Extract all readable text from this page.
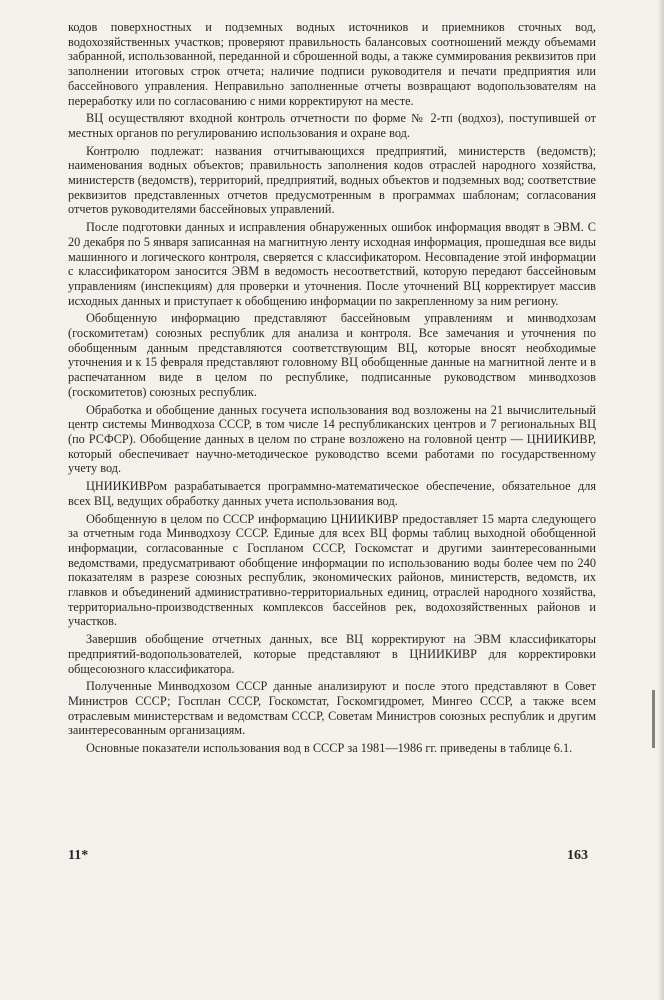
кодов поверхностных и подземных водных источников и приемников сточных вод, водохозяйственных участков; проверяют правильность балансовых соотношений между объемами забранной, использованной, переданной и сброшенной воды, а также суммирования реквизитов при заполнении итоговых строк отчета; наличие подписи руководителя и печати предприятия или бассейнового управления. Неправильно заполненные отчеты возвращают водопользователям на переработку или по согласованию с ними корректируют на месте.

ВЦ осуществляют входной контроль отчетности по форме № 2-тп (водхоз), поступившей от местных органов по регулированию использования и охране вод.

Контролю подлежат: названия отчитывающихся предприятий, министерств (ведомств); наименования водных объектов; правильность заполнения кодов отраслей народного хозяйства, министерств (ведомств), территорий, предприятий, водных объектов и подземных вод; соответствие реквизитов представленных отчетов предусмотренным в программах шаблонам; согласования отчетов руководителями бассейновых управлений.

После подготовки данных и исправления обнаруженных ошибок информация вводят в ЭВМ. С 20 декабря по 5 января записанная на магнитную ленту исходная информация, прошедшая все виды машинного и логического контроля, сверяется с классификатором. Несовпадение этой информации с классификатором заносится ЭВМ в ведомость несоответствий, которую передают бассейновым управлениям (инспекциям) для проверки и уточнения. После уточнений ВЦ корректирует массив исходных данных и приступает к обобщению информации по закрепленному за ним региону.

Обобщенную информацию представляют бассейновым управлениям и минводхозам (госкомитетам) союзных республик для анализа и контроля. Все замечания и уточнения по обобщенным данным представляются соответствующим ВЦ, которые вносят необходимые уточнения и к 15 февраля представляют головному ВЦ обобщенные данные на магнитной ленте и в распечатанном виде в целом по республике, подписанные руководством минводхозов (госкомитетов) союзных республик.

Обработка и обобщение данных госучета использования вод возложены на 21 вычислительный центр системы Минводхоза СССР, в том числе 14 республиканских центров и 7 региональных ВЦ (по РСФСР). Обобщение данных в целом по стране возложено на головной центр — ЦНИИКИВР, который обеспечивает научно-методическое руководство всеми работами по государственному учету вод.

ЦНИИКИВРом разрабатывается программно-математическое обеспечение, обязательное для всех ВЦ, ведущих обработку данных учета использования вод.

Обобщенную в целом по СССР информацию ЦНИИКИВР предоставляет 15 марта следующего за отчетным года Минводхозу СССР. Единые для всех ВЦ формы таблиц выходной обобщенной информации, согласованные с Госпланом СССР, Госкомстат и другими заинтересованными ведомствами, предусматривают обобщение информации по использованию воды более чем по 240 показателям в разрезе союзных республик, экономических районов, министерств, ведомств, их главков и объединений административно-территориальных единиц, отраслей народного хозяйства, территориально-производственных комплексов бассейнов рек, водохозяйственных районов и участков.

Завершив обобщение отчетных данных, все ВЦ корректируют на ЭВМ классификаторы предприятий-водопользователей, которые представляют в ЦНИИКИВР для корректировки общесоюзного классификатора.

Полученные Минводхозом СССР данные анализируют и после этого представляют в Совет Министров СССР; Госплан СССР, Госкомстат, Госкомгидромет, Мингео СССР, а также всем отраслевым министерствам и ведомствам СССР, Советам Министров союзных республик и другим заинтересованным организациям.

Основные показатели использования вод в СССР за 1981—1986 гг. приведены в таблице 6.1.

11*	163
